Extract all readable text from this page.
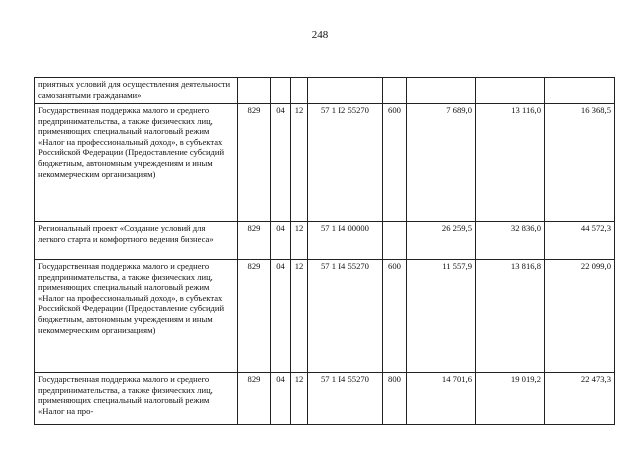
248
приятных условий для осуществления деятельности самозанятыми гражданами»								
Государственная поддержка малого и среднего предпринимательства, а также физических лиц, применяющих специальный налоговый режим «Налог на профессиональный доход», в субъектах Российской Федерации (Предоставление субсидий бюджетным, автономным учреждениям и иным некоммерческим организациям)	829	04	12	57 1 I2 55270	600	7 689,0	13 116,0	16 368,5
Региональный проект «Создание условий для легкого старта и комфортного ведения бизнеса»	829	04	12	57 1 I4 00000		26 259,5	32 836,0	44 572,3
Государственная поддержка малого и среднего предпринимательства, а также физических лиц, применяющих специальный налоговый режим «Налог на профессиональный доход», в субъектах Российской Федерации (Предоставление субсидий бюджетным, автономным учреждениям и иным некоммерческим организациям)	829	04	12	57 1 I4 55270	600	11 557,9	13 816,8	22 099,0
Государственная поддержка малого и среднего предпринимательства, а также физических лиц, применяющих специальный налоговый режим «Налог на про-	829	04	12	57 1 I4 55270	800	14 701,6	19 019,2	22 473,3
